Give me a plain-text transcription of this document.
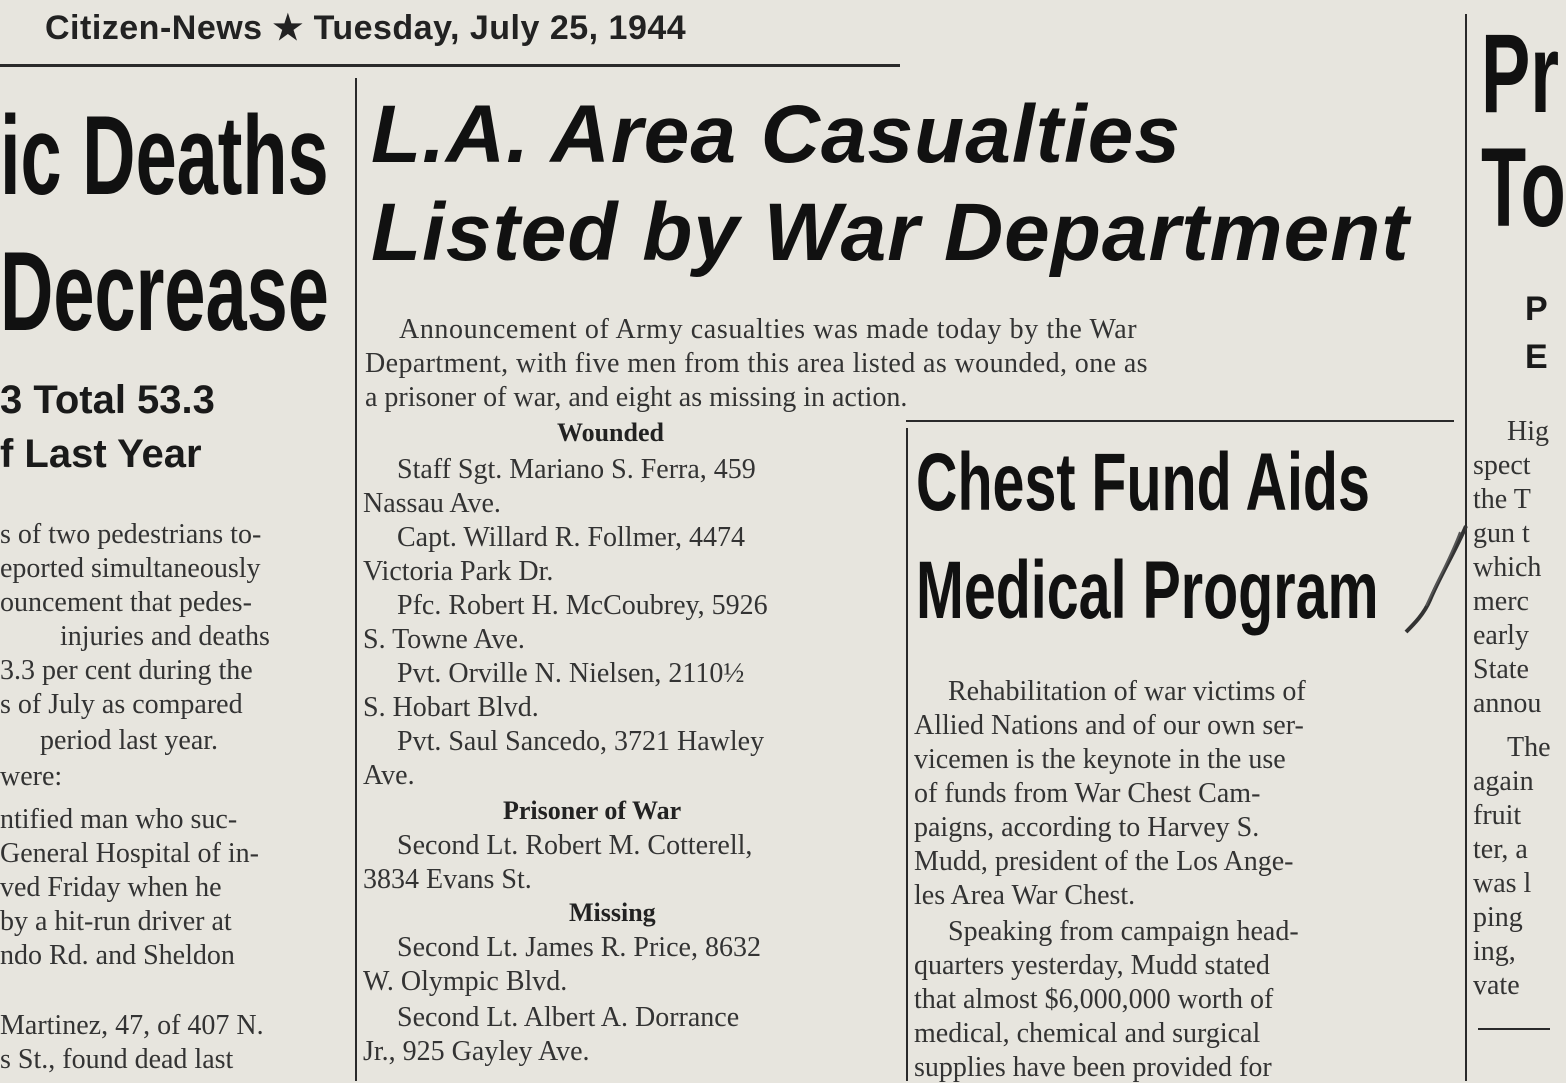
Citizen-News ★ Tuesday, July 25, 1944
ic Deaths
Decrease
3 Total 53.3
f Last Year
s of two pedestrians to-
eported simultaneously
ouncement that pedes-
injuries and deaths
3.3 per cent during the
s of July as compared
period last year.
were:
ntified man who suc-
General Hospital of in-
ved Friday when he
by a hit-run driver at
ndo Rd. and Sheldon
Martinez, 47, of 407 N.
s St., found dead last
L.A. Area Casualties
Listed by War Department
Announcement of Army casualties was made today by the War
Department, with five men from this area listed as wounded, one as
a prisoner of war, and eight as missing in action.
Wounded
Staff Sgt. Mariano S. Ferra, 459
Nassau Ave.
Capt. Willard R. Follmer, 4474
Victoria Park Dr.
Pfc. Robert H. McCoubrey, 5926
S. Towne Ave.
Pvt. Orville N. Nielsen, 2110½
S. Hobart Blvd.
Pvt. Saul Sancedo, 3721 Hawley
Ave.
Prisoner of War
Second Lt. Robert M. Cotterell,
3834 Evans St.
Missing
Second Lt. James R. Price, 8632
W. Olympic Blvd.
Second Lt. Albert A. Dorrance
Jr., 925 Gayley Ave.
Chest Fund Aids
Medical Program
Rehabilitation of war victims of
Allied Nations and of our own ser-
vicemen is the keynote in the use
of funds from War Chest Cam-
paigns, according to Harvey S.
Mudd, president of the Los Ange-
les Area War Chest.
Speaking from campaign head-
quarters yesterday, Mudd stated
that almost $6,000,000 worth of
medical, chemical and surgical
supplies have been provided for
Pr
To
P
E
Hig
spect
the T
gun t
which
merc
early
State
annou
The
again
fruit
ter, a
was l
ping
ing,
vate
